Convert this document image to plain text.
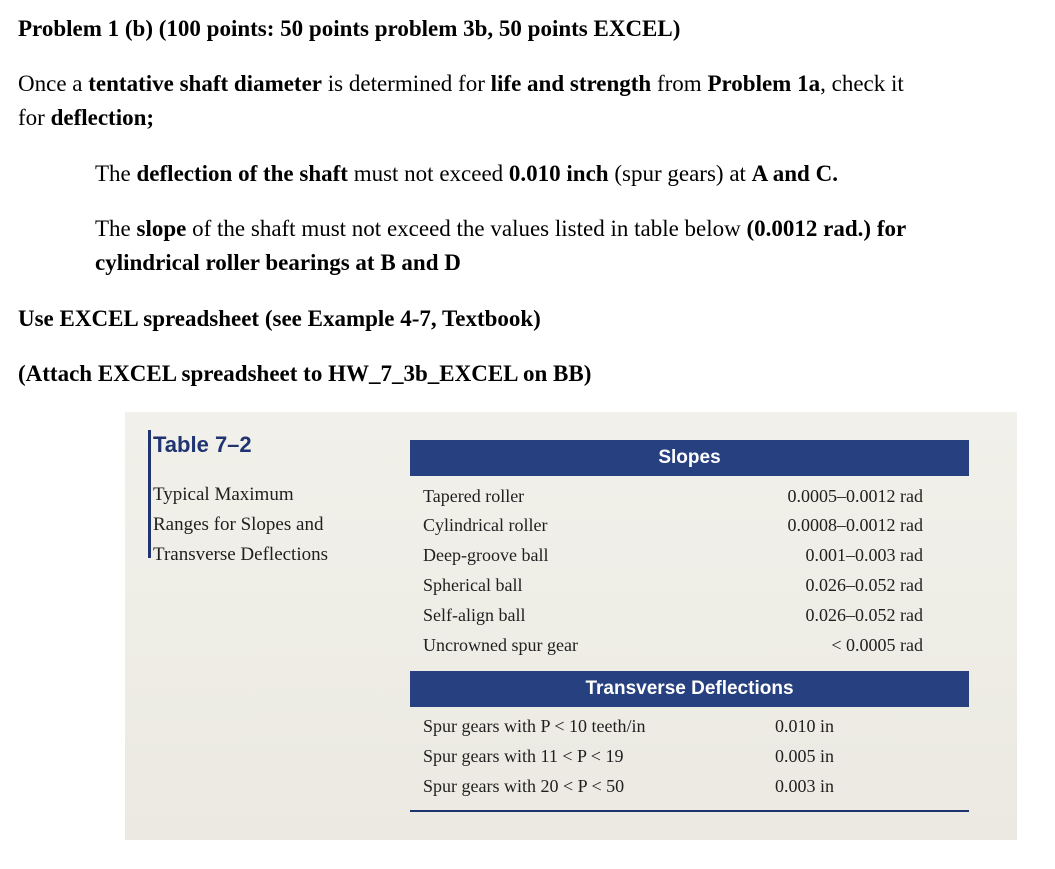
Problem 1 (b) (100 points: 50 points problem 3b, 50 points EXCEL)
Once a tentative shaft diameter is determined for life and strength from Problem 1a, check it
for deflection;
The deflection of the shaft must not exceed 0.010 inch (spur gears) at A and C.
The slope of the shaft must not exceed the values listed in table below (0.0012 rad.) for
cylindrical roller bearings at B and D
Use EXCEL spreadsheet (see Example 4-7, Textbook)
(Attach EXCEL spreadsheet to HW_7_3b_EXCEL on BB)
Table 7–2
Typical Maximum
Ranges for Slopes and
Transverse Deflections
Slopes
Tapered roller	0.0005–0.0012 rad
Cylindrical roller	0.0008–0.0012 rad
Deep-groove ball	0.001–0.003 rad
Spherical ball	0.026–0.052 rad
Self-align ball	0.026–0.052 rad
Uncrowned spur gear	< 0.0005 rad
Transverse Deflections
Spur gears with P < 10 teeth/in	0.010 in
Spur gears with 11 < P < 19	0.005 in
Spur gears with 20 < P < 50	0.003 in
